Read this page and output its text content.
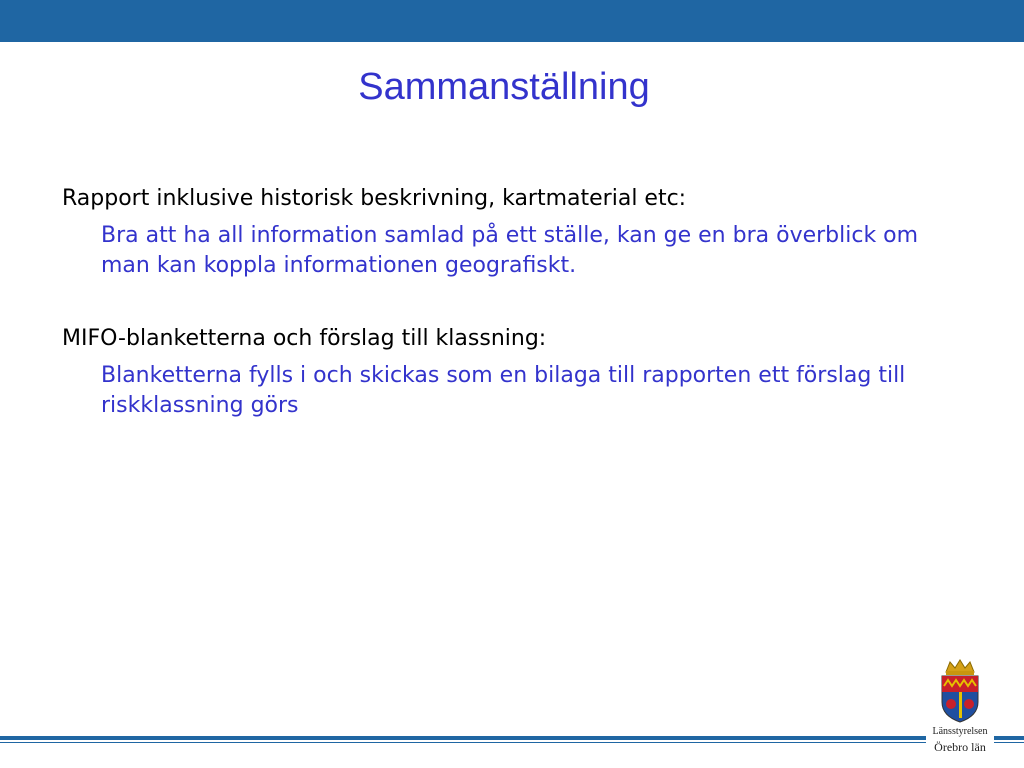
Sammanställning

Rapport inklusive historisk beskrivning, kartmaterial etc:

Bra att ha all information samlad på ett ställe, kan ge en bra överblick om man kan koppla informationen geografiskt.

MIFO-blanketterna och förslag till klassning:

Blanketterna fylls i och skickas som en bilaga till rapporten ett förslag till riskklassning görs

Länsstyrelsen
Örebro län
